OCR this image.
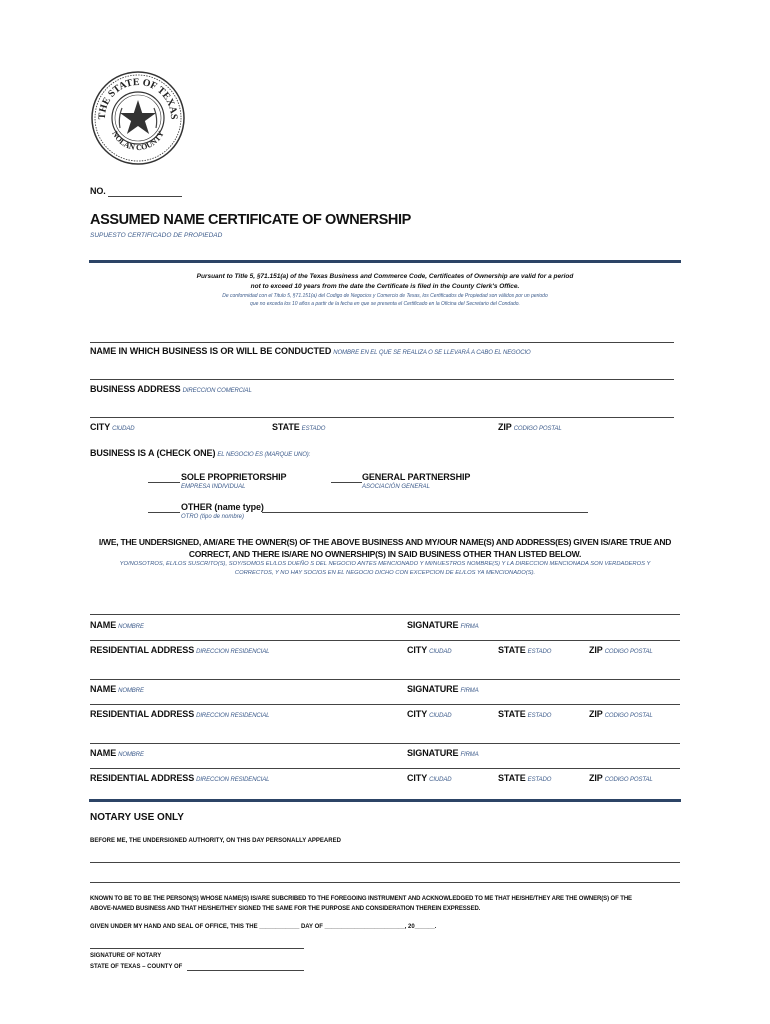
THE STATE OF TEXAS
NOLAN COUNTY
NO.
ASSUMED NAME CERTIFICATE OF OWNERSHIP
SUPUESTO CERTIFICADO DE PROPIEDAD
Pursuant to Title 5, §71.151(a) of the Texas Business and Commerce Code, Certificates of Ownership are valid for a period
not to exceed 10 years from the date the Certificate is filed in the County Clerk's Office.
De conformidad con el Titulo 5, §71.151(a) del Codigo de Negocios y Comercio de Texas, los Certificados de Propiedad son válidos por un periodo
que no exceda los 10 años a partir de la fecha en que se presenta el Certificado en la Oficina del Secretario del Condado.
NAME IN WHICH BUSINESS IS OR WILL BE CONDUCTED NOMBRE EN EL QUE SE REALIZA O SE LLEVARÁ A CABO EL NEGOCIO
BUSINESS ADDRESS DIRECCION COMERCIAL
CITY CIUDAD	STATE ESTADO	ZIP CODIGO POSTAL
BUSINESS IS A (CHECK ONE) EL NEGOCIO ES (MARQUE UNO):
SOLE PROPRIETORSHIP
EMPRESA INDIVIDUAL
GENERAL PARTNERSHIP
ASOCIACIÓN GENERAL
OTHER (name type)
OTRO (tipo de nombre)
I/WE, THE UNDERSIGNED, AM/ARE THE OWNER(S) OF THE ABOVE BUSINESS AND MY/OUR NAME(S) AND ADDRESS(ES) GIVEN IS/ARE TRUE AND
CORRECT, AND THERE IS/ARE NO OWNERSHIP(S) IN SAID BUSINESS OTHER THAN LISTED BELOW.
YO/NOSOTROS, EL/LOS SUSCRITO(S), SOY/SOMOS EL/LOS DUEÑO S DEL NEGOCIO ANTES MENCIONADO Y MI/NUESTROS NOMBRE(S) Y LA DIRECCION MENCIONADA SON VERDADEROS Y
CORRECTOS, Y NO HAY SOCIOS EN EL NEGOCIO DICHO CON EXCEPCION DE EL/LOS YA MENCIONADO(S).
NAME NOMBRE	SIGNATURE FIRMA
RESIDENTIAL ADDRESS DIRECCION RESIDENCIAL	CITY CIUDAD	STATE ESTADO	ZIP CODIGO POSTAL
NAME NOMBRE	SIGNATURE FIRMA
RESIDENTIAL ADDRESS DIRECCION RESIDENCIAL	CITY CIUDAD	STATE ESTADO	ZIP CODIGO POSTAL
NAME NOMBRE	SIGNATURE FIRMA
RESIDENTIAL ADDRESS DIRECCION RESIDENCIAL	CITY CIUDAD	STATE ESTADO	ZIP CODIGO POSTAL
NOTARY USE ONLY
BEFORE ME, THE UNDERSIGNED AUTHORITY, ON THIS DAY PERSONALLY APPEARED
KNOWN TO BE TO BE THE PERSON(S) WHOSE NAME(S) IS/ARE SUBCRIBED TO THE FOREGOING INSTRUMENT AND ACKNOWLEDGED TO ME THAT HE/SHE/THEY ARE THE OWNER(S) OF THE
ABOVE-NAMED BUSINESS AND THAT HE/SHE/THEY SIGNED THE SAME FOR THE PURPOSE AND CONSIDERATION THEREIN EXPRESSED.
GIVEN UNDER MY HAND AND SEAL OF OFFICE, THIS THE ____________ DAY OF ________________________, 20______.
SIGNATURE OF NOTARY
STATE OF TEXAS – COUNTY OF
